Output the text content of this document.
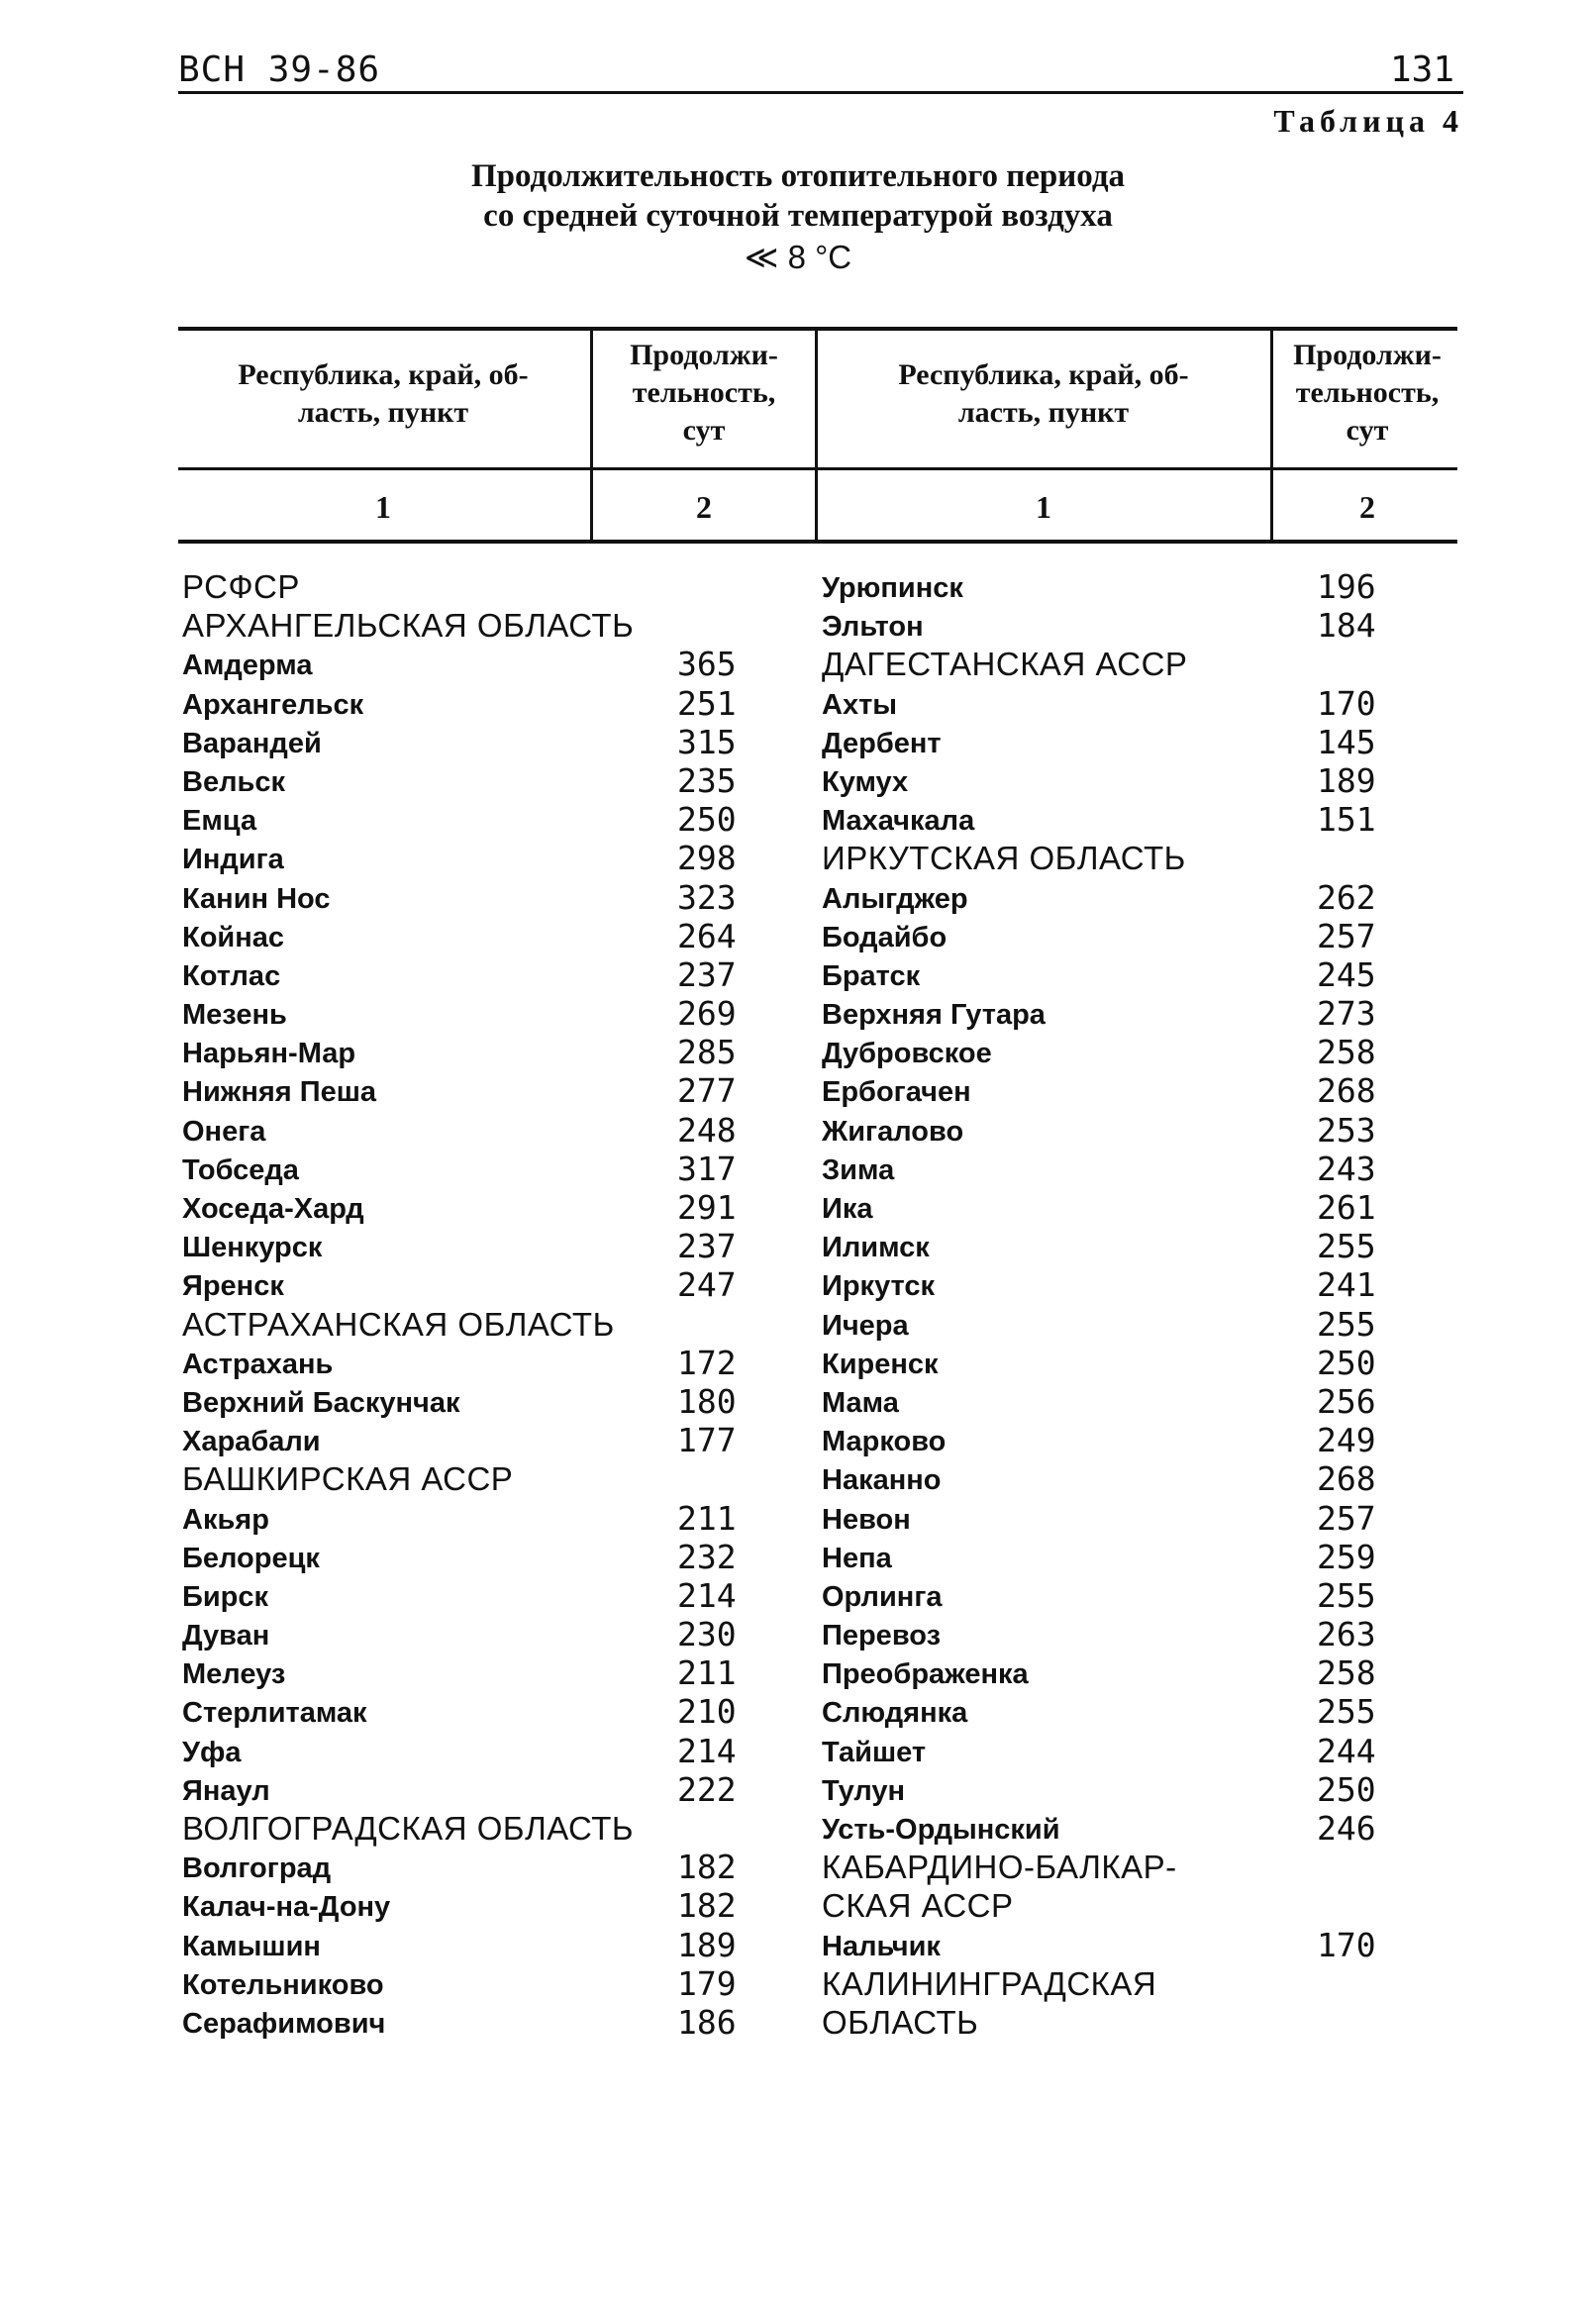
ВСН 39-86	131
Таблица 4
Продолжительность отопительного периода
со средней суточной температурой воздуха
≪ 8 °С
Республика, край, об-
ласть, пункт
Продолжи-
тельность,
сут
Республика, край, об-
ласть, пункт
Продолжи-
тельность,
сут
1	2	1	2
РСФСР
АРХАНГЕЛЬСКАЯ ОБЛАСТЬ
Амдерма	365
Архангельск	251
Варандей	315
Вельск	235
Емца	250
Индига	298
Канин Нос	323
Койнас	264
Котлас	237
Мезень	269
Нарьян-Мар	285
Нижняя Пеша	277
Онега	248
Тобседа	317
Хоседа-Хард	291
Шенкурск	237
Яренск	247
АСТРАХАНСКАЯ ОБЛАСТЬ
Астрахань	172
Верхний Баскунчак	180
Харабали	177
БАШКИРСКАЯ АССР
Акьяр	211
Белорецк	232
Бирск	214
Дуван	230
Мелеуз	211
Стерлитамак	210
Уфа	214
Янаул	222
ВОЛГОГРАДСКАЯ ОБЛАСТЬ
Волгоград	182
Калач-на-Дону	182
Камышин	189
Котельниково	179
Серафимович	186
Урюпинск	196
Эльтон	184
ДАГЕСТАНСКАЯ АССР
Ахты	170
Дербент	145
Кумух	189
Махачкала	151
ИРКУТСКАЯ ОБЛАСТЬ
Алыгджер	262
Бодайбо	257
Братск	245
Верхняя Гутара	273
Дубровское	258
Ербогачен	268
Жигалово	253
Зима	243
Ика	261
Илимск	255
Иркутск	241
Ичера	255
Киренск	250
Мама	256
Марково	249
Наканно	268
Невон	257
Непа	259
Орлинга	255
Перевоз	263
Преображенка	258
Слюдянка	255
Тайшет	244
Тулун	250
Усть-Ордынский	246
КАБАРДИНО-БАЛКАР-
СКАЯ АССР
Нальчик	170
КАЛИНИНГРАДСКАЯ
ОБЛАСТЬ
